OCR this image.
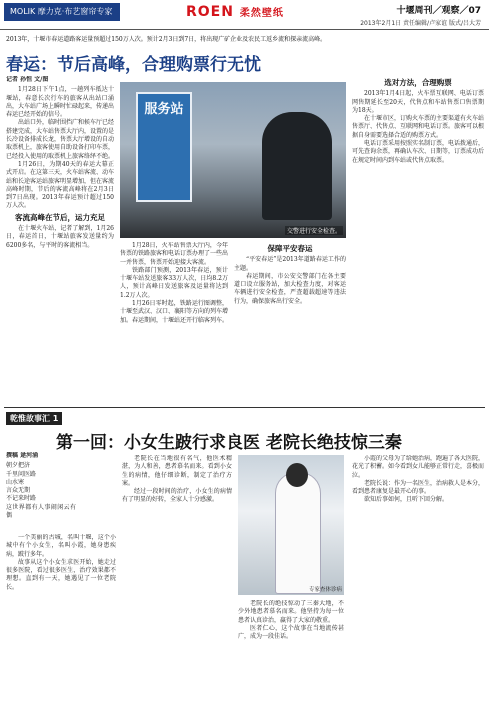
MOLIK 摩力克·布艺窗帘专家	ROEN 柔然壁纸	十堰周刊／观察／07
2013年2月1日 责任编辑/卢家谊 版式/吕大芳
2013年，十堰市春运道路客运量预超过150万人次。预计2月3日到7日，将出现广矿企业及农民工返乡流和探亲流高峰。
春运：节后高峰，合理购票行无忧
记者 孙恒 文/图

1月28日下午1点，一趟列车抵达十堰站，春意长次行车的旅客从出站口涌出，大车站广场上瞬时忙碌起来，传递出春运已经开始的信号。

出站口外，临时围挡广和候车厅已经搭建完成，大车站售票大厅内，设置的是长冷设备排成长龙，售票大厅增设的自动取票机上，旅客使用自助设备打印车票，已经投入使用的取票机上旅客络绎不绝。

1月26日，为期40天的春运大幕正式开启。在这第三天，火车站客流、动车站和长途客运站旅客明显增加，但在客流高峰时期，节后的客流高峰将在2月3日到7日出现。2013年春运预计超过150万人次。

客流高峰在节后，运力充足

在十堰火车站，记者了解到，1月26日，春运首日，十堰站旅客发送量约为6200多名，与平时的客流相当。

服务站
交警进行安全检查。

1月28日，火车站售票大厅内，今年售票的铁路旅客和电话订票办理了一些出一并售票，售票开始迎接大客流。

铁路部门预测，2013年春运，预计十堰车站发送旅客33万人次，日均8.2万人，预计高峰日发送旅客及运量将达到1.2万人次。

1月26日零时起，铁路运行图调整，十堰至武汉、汉口、襄阳等方向的列车增加。春运期间，十堰站还开行临客列车。

保障平安春运

“平安春运”是2013年道路春运工作的主题。

春运期间，市公安交警部门在各主要道口设立服务站，加大检查力度，对客运车辆进行安全检查，严查超载超速等违法行为，确保旅客出行安全。

选对方法，合理购票

2013年1月4日起，火车票互联网、电话订票网售期延长至20天，代售点和车站售票口售票期为18天。

在十堰市区，订购火车票的主要渠道有火车站售票厅、代售点、互联网和电话订票。旅客可以根据自身需要选择合适的购票方式。

电话订票采用按照实名制订票，电话拨通后，可先查询余票，再确认车次、日期等，订票成功后在规定时间内到车站或代售点取票。

乾惟故事汇 1
第一回：小女生跛行求良医 老院长绝技惊三秦
撰稿 逯河涌

朝夕把济

千里问医路

山水寒

言众无期

不记来时路

这世界都有人事闹闲云有偶

一个美丽的古城，名叫十堰，这个小城中有个小女生，名叫小霞，她身患疾病，跛行多年。

故事从这个小女生求医开始，她走过很多医院，看过很多医生，治疗效果都不理想。直到有一天，她遇见了一位老院长。

老院长在当地很有名气，他医术精湛，为人和善，患者慕名而来。看到小女生的病情，他仔细诊断，制定了治疗方案。

经过一段时间的治疗，小女生的病情有了明显的好转，全家人十分感激。

专家查体诊病

老院长的绝技惊动了三秦大地，不少外地患者慕名而来。他坚持为每一位患者认真诊治，赢得了大家的敬重。

医者仁心，这个故事在当地流传甚广，成为一段佳话。

小霞的父母为了给她治病，跑遍了各大医院，花光了积蓄。如今看到女儿能够正常行走，喜极而泣。

老院长说：作为一名医生，治病救人是本分，看到患者康复是最开心的事。

欲知后事如何，且听下回分解。
